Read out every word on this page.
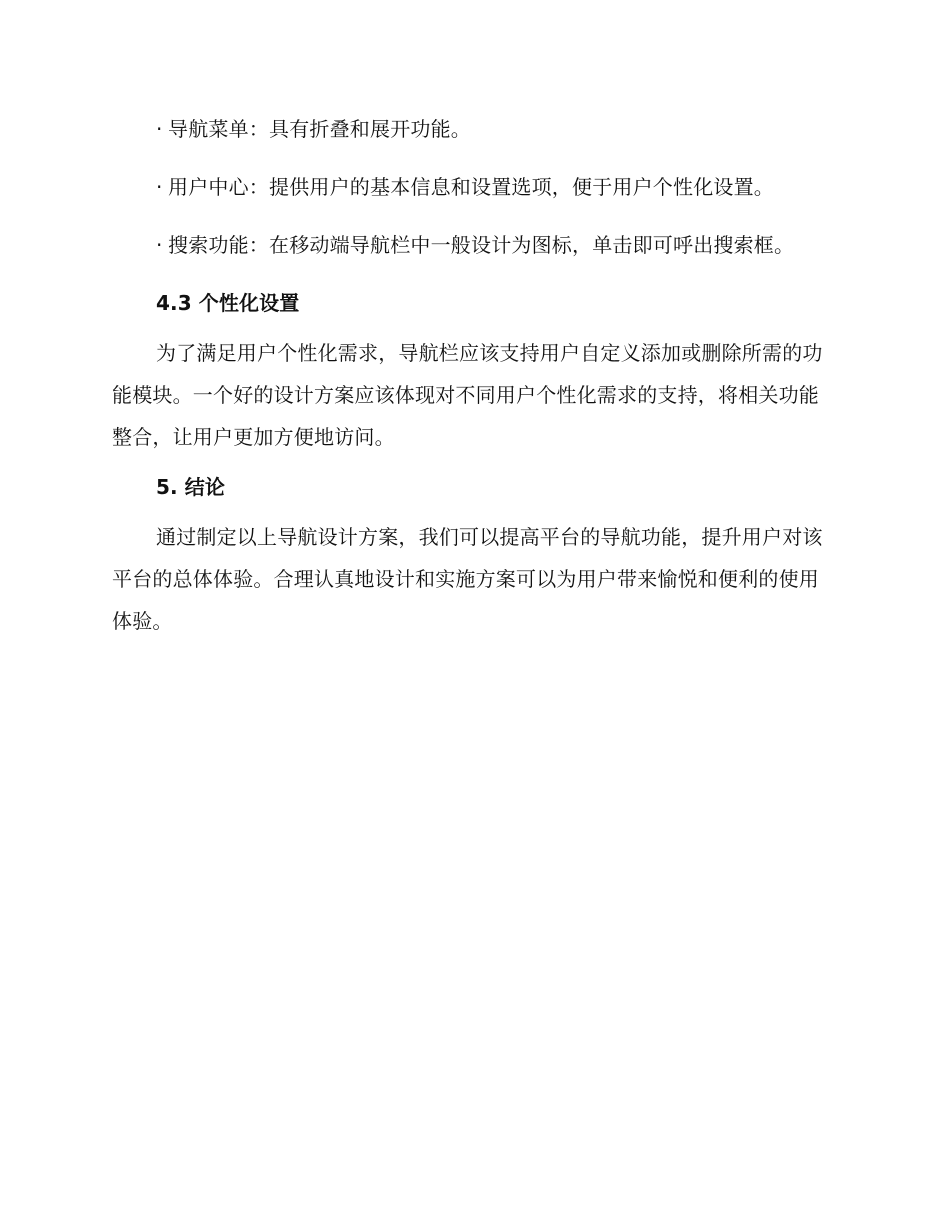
· 导航菜单：具有折叠和展开功能。

· 用户中心：提供用户的基本信息和设置选项，便于用户个性化设置。

· 搜索功能：在移动端导航栏中一般设计为图标，单击即可呼出搜索框。

4.3 个性化设置

为了满足用户个性化需求，导航栏应该支持用户自定义添加或删除所需的功能模块。一个好的设计方案应该体现对不同用户个性化需求的支持，将相关功能整合，让用户更加方便地访问。

5. 结论

通过制定以上导航设计方案，我们可以提高平台的导航功能，提升用户对该平台的总体体验。合理认真地设计和实施方案可以为用户带来愉悦和便利的使用体验。
